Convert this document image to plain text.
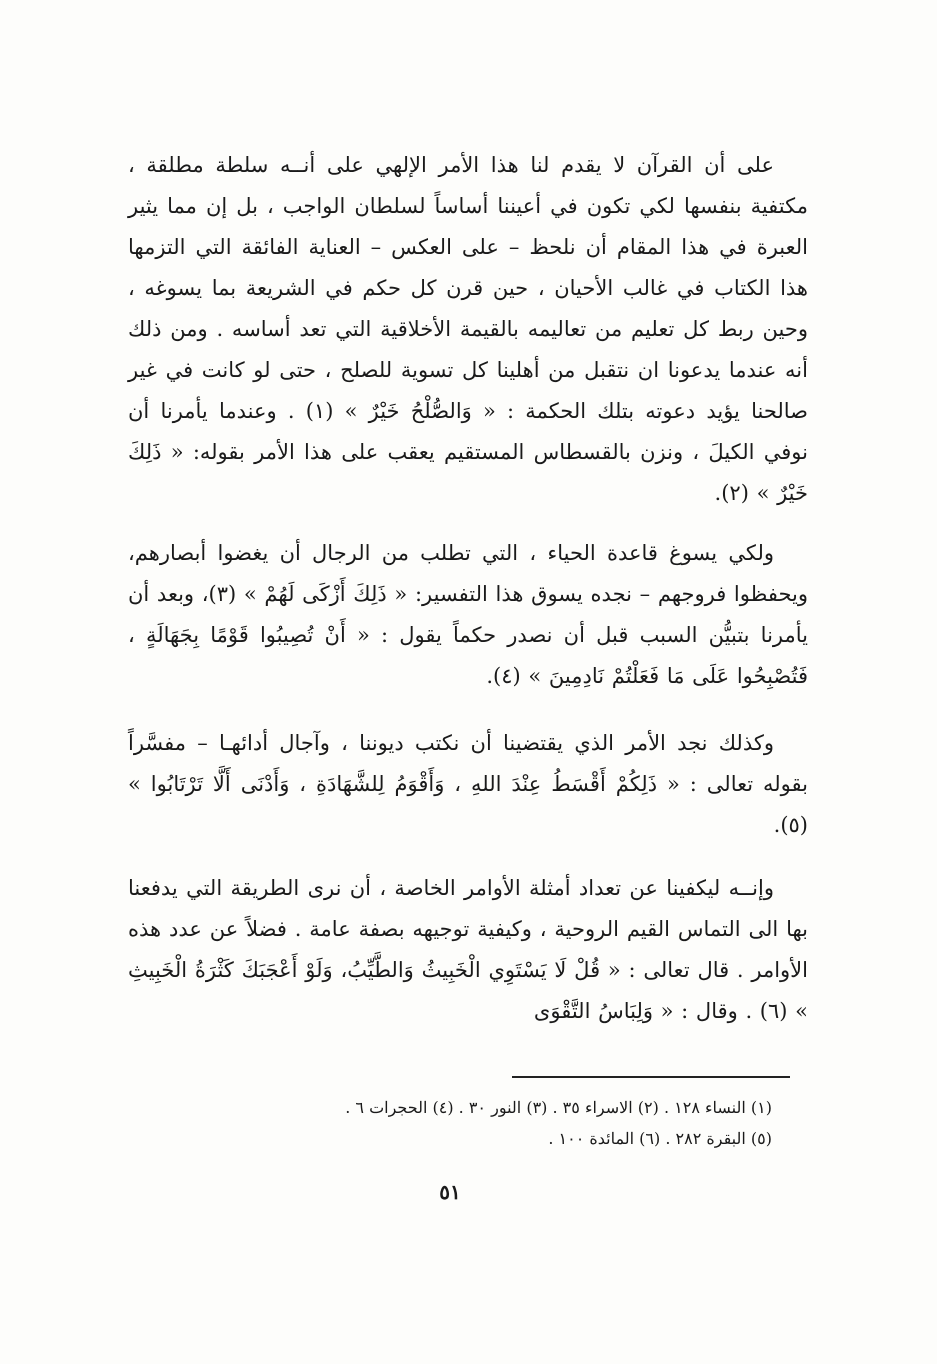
على أن القرآن لا يقدم لنا هذا الأمر الإلهي على أنــه سلطة مطلقة ، مكتفية بنفسها لكي تكون في أعيننا أساساً لسلطان الواجب ، بل إن مما يثير العبرة في هذا المقام أن نلحظ – على العكس – العناية الفائقة التي التزمها هذا الكتاب في غالب الأحيان ، حين قرن كل حكم في الشريعة بما يسوغه ، وحين ربط كل تعليم من تعاليمه بالقيمة الأخلاقية التي تعد أساسه . ومن ذلك أنه عندما يدعونا ان نتقبل من أهلينا كل تسوية للصلح ، حتى لو كانت في غير صالحنا يؤيد دعوته بتلك الحكمة : « وَالصُّلْحُ خَيْرٌ » (١) . وعندما يأمرنا أن نوفي الكيلَ ، ونزن بالقسطاس المستقيم يعقب على هذا الأمر بقوله: « ذَلِكَ خَيْرٌ » (٢).

ولكي يسوغ قاعدة الحياء ، التي تطلب من الرجال أن يغضوا أبصارهم، ويحفظوا فروجهم – نجده يسوق هذا التفسير: « ذَلِكَ أَزْكَى لَهُمْ » (٣)، وبعد أن يأمرنا بتبيُّن السبب قبل أن نصدر حكماً يقول : « أَنْ تُصِيبُوا قَوْمًا بِجَهَالَةٍ ، فَتُصْبِحُوا عَلَى مَا فَعَلْتُمْ نَادِمِينَ » (٤).

وكذلك نجد الأمر الذي يقتضينا أن نكتب ديوننا ، وآجال أدائهـا – مفسَّراً بقوله تعالى : « ذَلِكُمْ أَقْسَطُ عِنْدَ اللهِ ، وَأَقْوَمُ لِلشَّهَادَةِ ، وَأَدْنَى أَلَّا تَرْتَابُوا » (٥).

وإنــه ليكفينا عن تعداد أمثلة الأوامر الخاصة ، أن نرى الطريقة التي يدفعنا بها الى التماس القيم الروحية ، وكيفية توجيهه بصفة عامة . فضلاً عن عدد هذه الأوامر . قال تعالى : « قُلْ لَا يَسْتَوِي الْخَبِيثُ وَالطَّيِّبُ، وَلَوْ أَعْجَبَكَ كَثْرَةُ الْخَبِيثِ » (٦) . وقال : « وَلِبَاسُ التَّقْوَى

(١) النساء ١٢٨ . (٢) الاسراء ٣٥ . (٣) النور ٣٠ . (٤) الحجرات ٦ .
(٥) البقرة ٢٨٢ . (٦) المائدة ١٠٠ .
٥١
